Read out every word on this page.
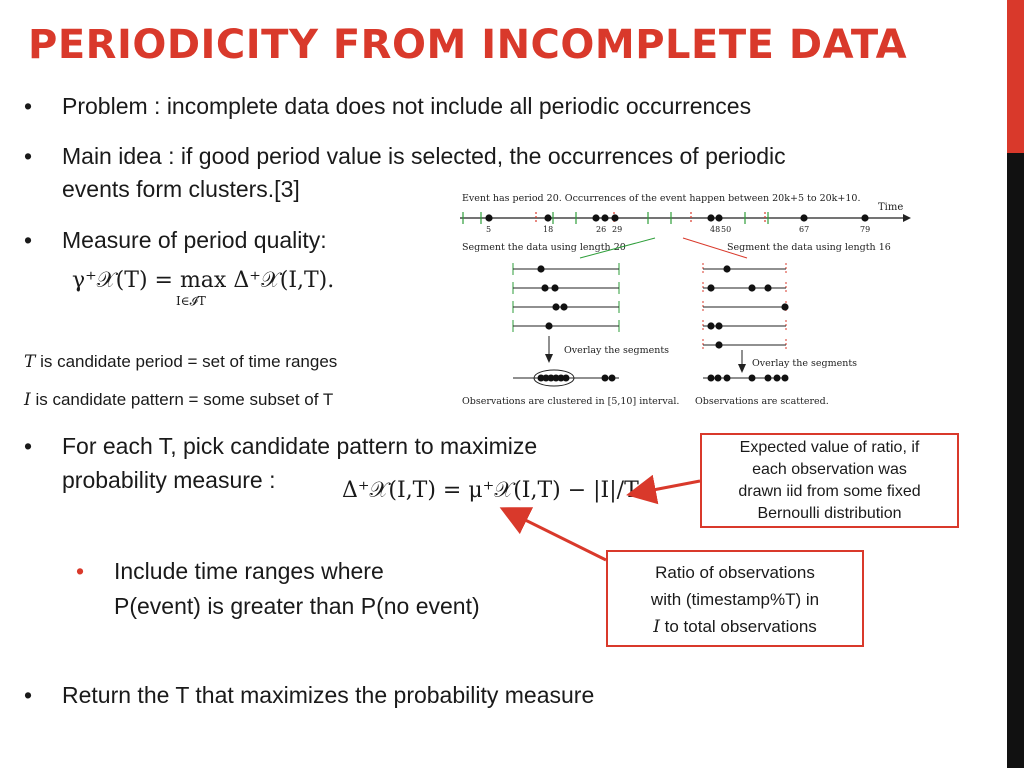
PERIODICITY FROM INCOMPLETE DATA
• Problem : incomplete data does not include all periodic occurrences
• Main idea : if good period value is selected, the occurrences of periodic
events form clusters.[3]
• Measure of period quality:
γ⁺𝒳(T) = max Δ⁺𝒳(I,T).
I∈𝓘T
T is candidate period = set of time ranges
I is candidate pattern = some subset of T
• For each T, pick candidate pattern to maximize
probability measure :	Δ⁺𝒳(I,T) = μ⁺𝒳(I,T) − |I|/T
• Include time ranges where
P(event) is greater than P(no event)
• Return the T that maximizes the probability measure
Expected value of ratio, if
each observation was
drawn iid from some fixed
Bernoulli distribution
Ratio of observations
with (timestamp%T) in
I to total observations
Event has period 20. Occurrences of the event happen between 20k+5 to 20k+10.
Time
5	18	26 29	48 50	67	79
Segment the data using length 20	Segment the data using length 16
Overlay the segments
Observations are clustered in [5,10] interval.
Overlay the segments
Observations are scattered.
